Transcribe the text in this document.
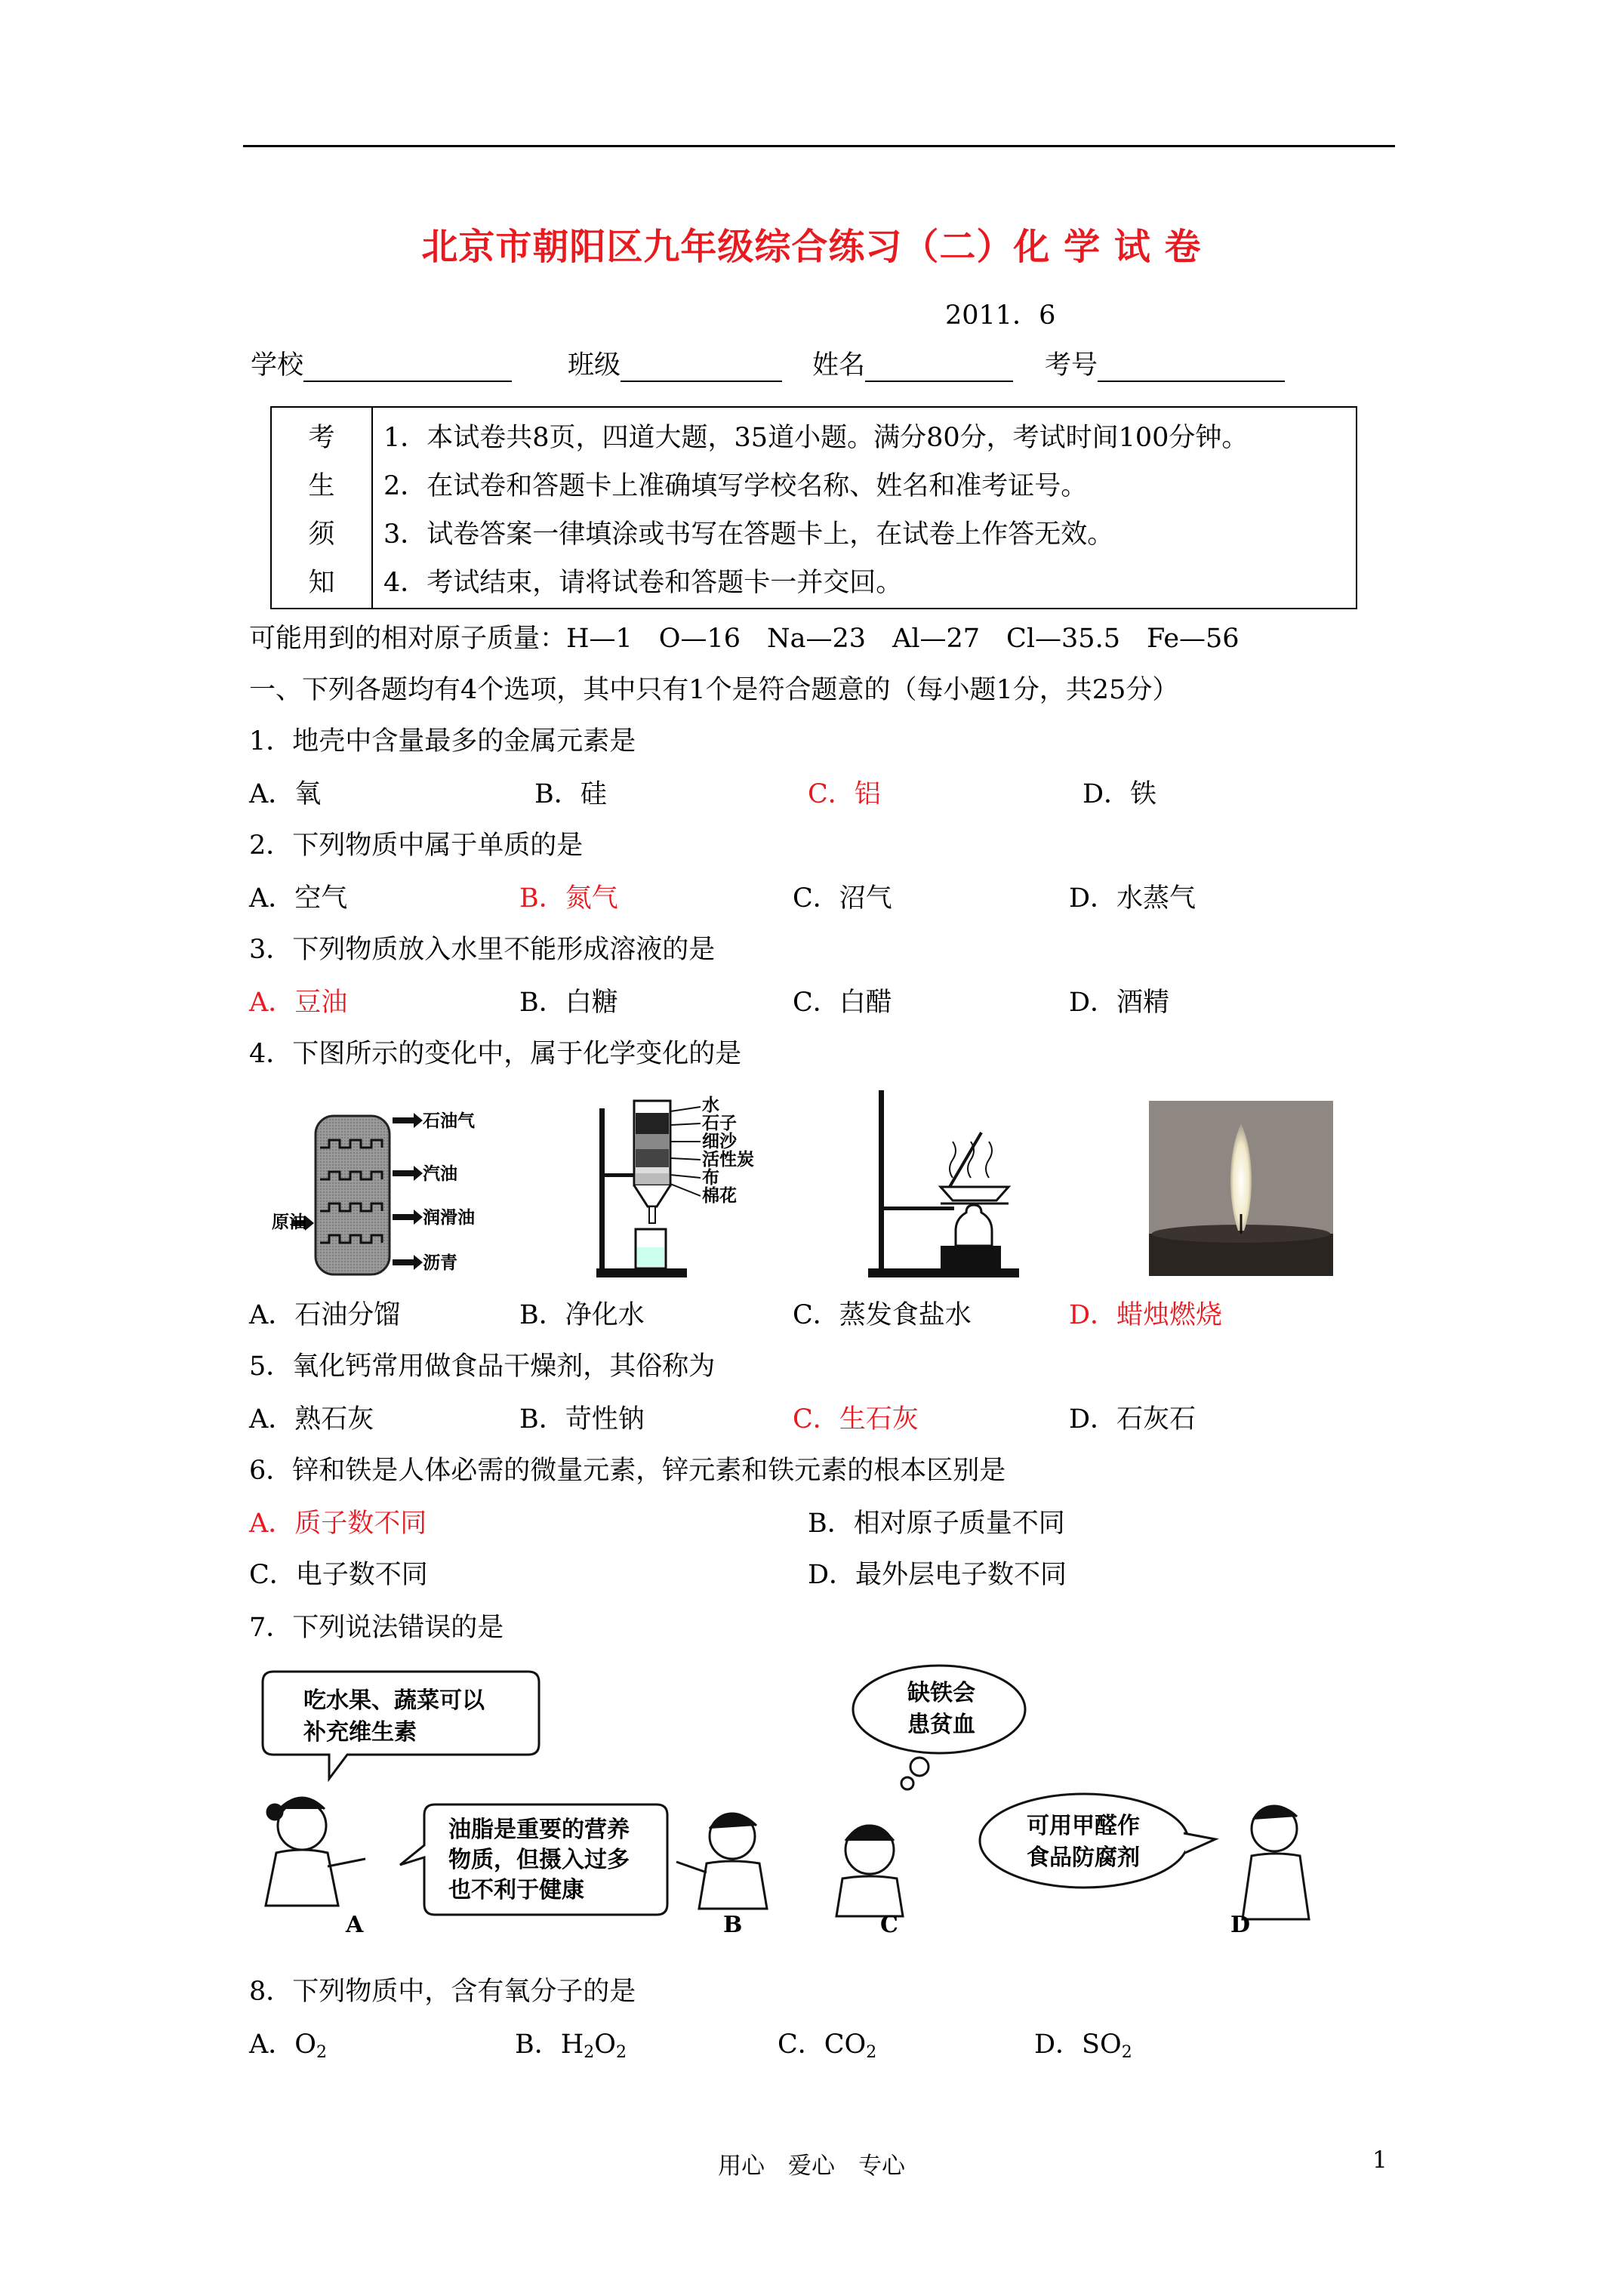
北京市朝阳区九年级综合练习（二）化 学 试 卷
2011．6
学校	班级	姓名	考号
考
生
须
知

1．本试卷共8页，四道大题，35道小题。满分80分，考试时间100分钟。
2．在试卷和答题卡上准确填写学校名称、姓名和准考证号。
3．试卷答案一律填涂或书写在答题卡上，在试卷上作答无效。
4．考试结束，请将试卷和答题卡一并交回。
可能用到的相对原子质量：H—1　O—16　Na—23　Al—27　Cl—35.5　Fe—56
一、下列各题均有4个选项，其中只有1个是符合题意的（每小题1分，共25分）
1．地壳中含量最多的金属元素是
A．氧	B．硅	C．铝	D．铁
2．下列物质中属于单质的是
A．空气	B．氮气	C．沼气	D．水蒸气
3．下列物质放入水里不能形成溶液的是
A．豆油	B．白糖	C．白醋	D．酒精
4．下图所示的变化中，属于化学变化的是
石油气
汽油
润滑油
沥青
原油
水
石子
细沙
活性炭
布
棉花
A．石油分馏	B．净化水	C．蒸发食盐水	D．蜡烛燃烧
5．氧化钙常用做食品干燥剂，其俗称为
A．熟石灰	B．苛性钠	C．生石灰	D．石灰石
6．锌和铁是人体必需的微量元素，锌元素和铁元素的根本区别是
A．质子数不同	B．相对原子质量不同
C．电子数不同	D．最外层电子数不同
7．下列说法错误的是
吃水果、蔬菜可以
补充维生素
油脂是重要的营养
物质，但摄入过多
也不利于健康
缺铁会
患贫血
可用甲醛作
食品防腐剂
A	B	C	D
8．下列物质中，含有氧分子的是
A．$O_2$	B．$H_2O_2$	C．$CO_2$	D．$SO_2$
用心　爱心　专心	1
